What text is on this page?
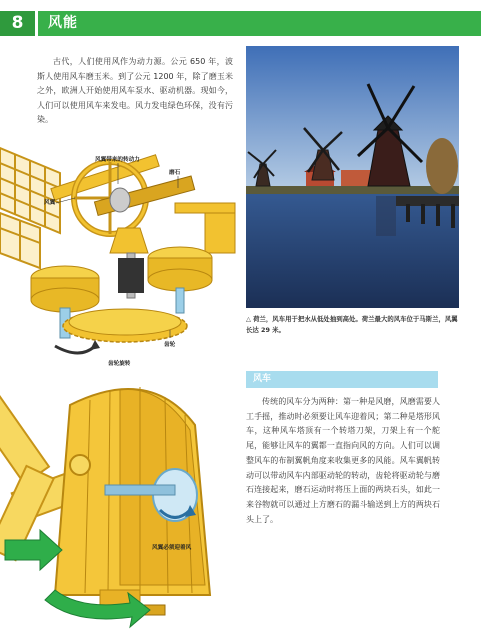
8	风能

古代，人们使用风作为动力源。公元 650 年，波斯人使用风车磨玉米。到了公元 1200 年，除了磨玉米之外，欧洲人开始使用风车泵水、驱动机器。现如今，人们可以使用风车来发电。风力发电绿色环保，没有污染。

风翼带来的转动力
磨石
风翼
齿轮
齿轮旋转
风翼必须迎着风

△ 荷兰，风车用于把水从低处抽到高处。荷兰最大的风车位于马斯兰，风翼长达 29 米。

风车

传统的风车分为两种：第一种是风磨，风磨需要人工手摇，推动时必须要让风车迎着风；第二种是塔形风车，这种风车塔顶有一个转塔刀架，刀架上有一个舵尾，能够让风车的翼都一直指向风的方向。人们可以调整风车的布制翼帆角度来收集更多的风能。风车翼帆转动可以带动风车内部驱动轮的转动，齿轮将驱动轮与磨石连接起来，磨石运动时将压上面的两块石头，如此一来谷物就可以通过上方磨石的漏斗输送到上方的两块石头上了。
